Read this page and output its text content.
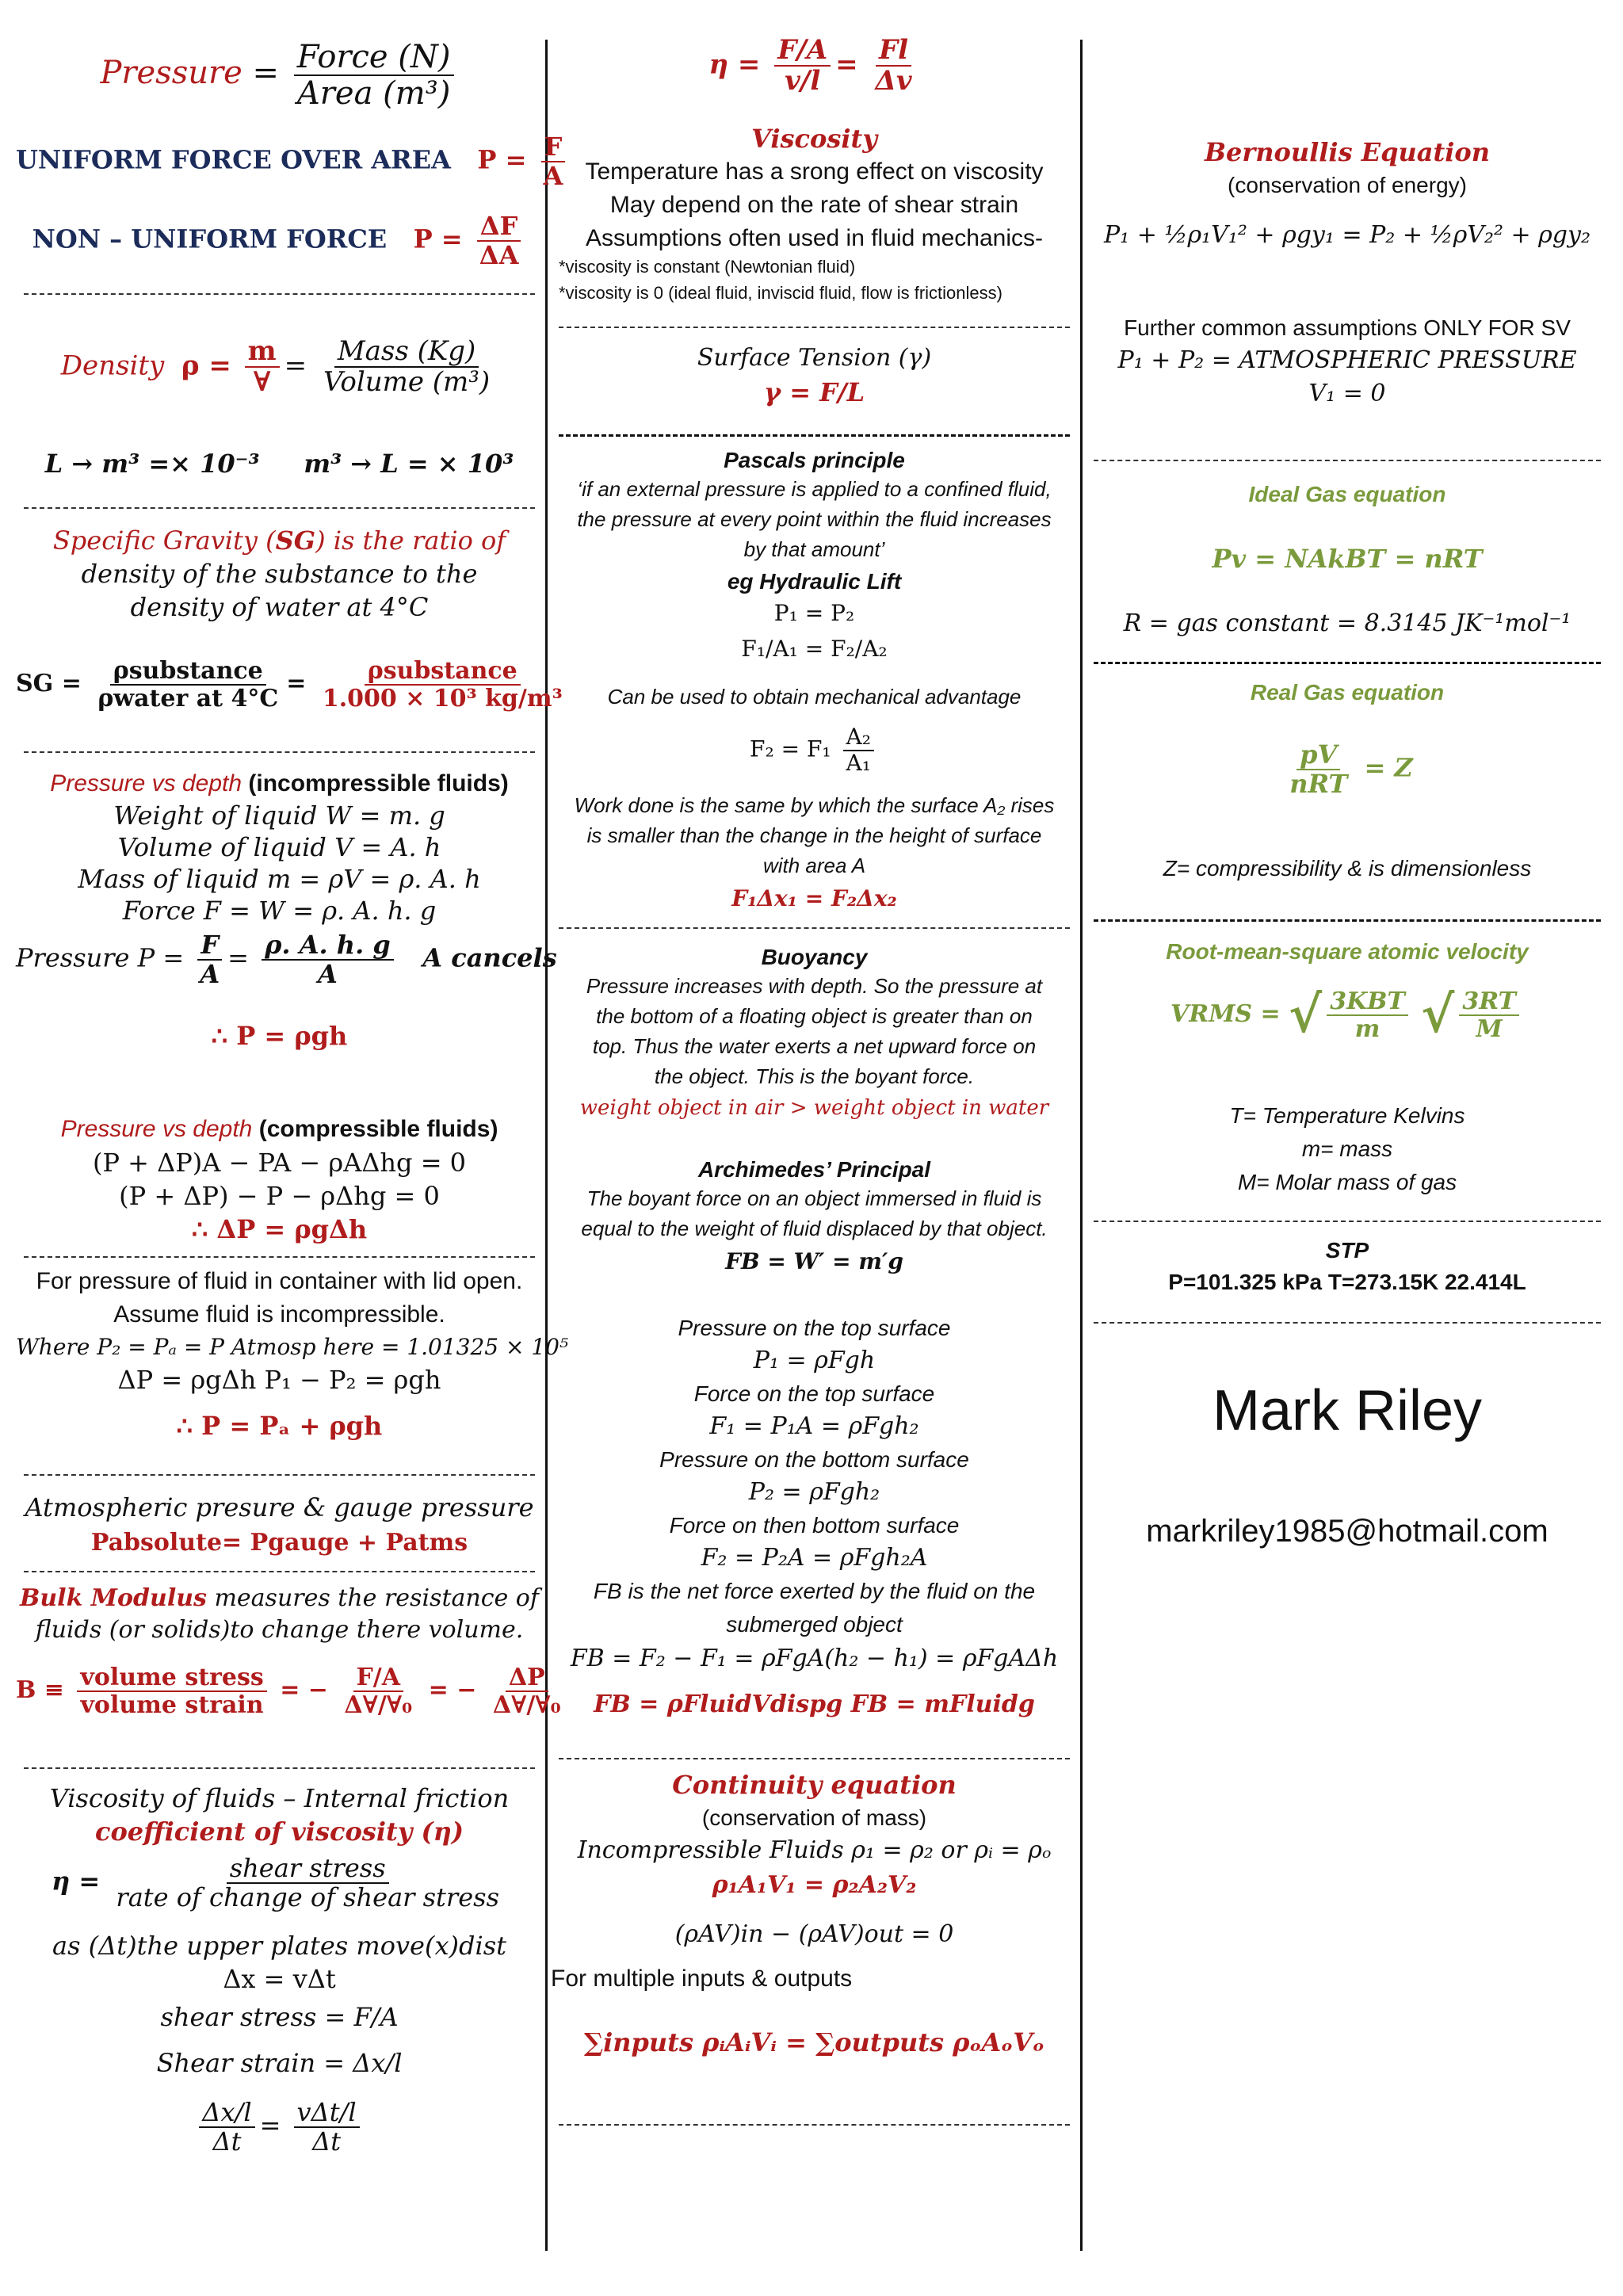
Pressure = $\frac{\text{Force (N)}}{\text{Area (m³)}}$
UNIFORM FORCE OVER AREA $P = \frac{F}{A}$
NON – UNIFORM FORCE $P = \frac{\Delta F}{\Delta A}$
Density $\rho = \frac{m}{\forall} = \frac{\text{Mass (Kg)}}{\text{Volume (m³)}}$
L → m³ =× 10⁻³ m³ → L = × 10³
Specific Gravity (SG) is the ratio of
density of the substance to the
density of water at 4°C
SG = $\frac{\text{ρsubstance}}{\text{ρwater at 4°C}} = \frac{\text{ρsubstance}}{\text{1.000 × 10³ kg/m³}}$
Pressure vs depth (incompressible fluids)
Weight of liquid W = m. g
Volume of liquid V = A. h
Mass of liquid m = ρV = ρ. A. h
Force F = W = ρ. A. h. g
Pressure $P = \frac{F}{A} = \frac{\rho. A. h. g}{A}$ A cancels
∴ P = ρgh
Pressure vs depth (compressible fluids)
(P + ΔP)A − PA − ρAΔhg = 0
(P + ΔP) − P − ρΔhg = 0
∴ ΔP = ρgΔh
For pressure of fluid in container with lid open.
Assume fluid is incompressible.
Where P₂ = Pₐ = P Atmosp here = 1.01325 × 10⁵
ΔP = ρgΔh P₁ − P₂ = ρgh
∴ P = Pₐ + ρgh
Atmospheric presure & gauge pressure
Pabsolute= Pgauge + Patms
Bulk Modulus measures the resistance of
fluids (or solids)to change there volume.
$B \equiv \frac{\text{volume stress}}{\text{volume strain}}$ = − $\frac{F/A}{\text{Δ∀/∀₀}}$ = − $\frac{\Delta P}{\text{Δ∀/∀₀}}$
Viscosity of fluids – Internal friction
coefficient of viscosity (η)
$\eta = \frac{\text{shear stress}}{\text{rate of change of shear stress}}$
as (Δt)the upper plates move(x)dist
Δx = vΔt
shear stress = F/A
Shear strain = Δx/l
$\frac{\Delta x/l}{\Delta t} = \frac{\text{vΔt/l}}{\Delta t}$
$\eta = \frac{F/A}{v/l} = \frac{Fl}{\Delta v}$
Viscosity
Temperature has a srong effect on viscosity
May depend on the rate of shear strain
Assumptions often used in fluid mechanics-
*viscosity is constant (Newtonian fluid)
*viscosity is 0 (ideal fluid, inviscid fluid, flow is frictionless)
Surface Tension (γ)
γ = F/L
Pascals principle
‘if an external pressure is applied to a confined fluid,
the pressure at every point within the fluid increases
by that amount’
eg Hydraulic Lift
P₁ = P₂
F₁/A₁ = F₂/A₂
Can be used to obtain mechanical advantage
$F_2 = F_1 \frac{\text{A₂}}{\text{A₁}}$
Work done is the same by which the surface A₂ rises
is smaller than the change in the height of surface
with area A
F₁Δx₁ = F₂Δx₂
Buoyancy
Pressure increases with depth. So the pressure at
the bottom of a floating object is greater than on
top. Thus the water exerts a net upward force on
the object. This is the boyant force.
weight object in air > weight object in water
Archimedes’ Principal
The boyant force on an object immersed in fluid is
equal to the weight of fluid displaced by that object.
FB = W′ = m′g
Pressure on the top surface
P₁ = ρFgh
Force on the top surface
F₁ = P₁A = ρFgh₂
Pressure on the bottom surface
P₂ = ρFgh₂
Force on then bottom surface
F₂ = P₂A = ρFgh₂A
FB is the net force exerted by the fluid on the
submerged object
FB = F₂ − F₁ = ρFgA(h₂ − h₁) = ρFgAΔh
FB = ρFluidVdispg FB = mFluidg
Continuity equation
(conservation of mass)
Incompressible Fluids ρ₁ = ρ₂ or ρᵢ = ρₒ
ρ₁A₁V₁ = ρ₂A₂V₂
(ρAV)in − (ρAV)out = 0
For multiple inputs & outputs
∑inputs ρᵢAᵢVᵢ = ∑outputs ρₒAₒVₒ
Bernoullis Equation
(conservation of energy)
P₁ + ½ρ₁V₁² + ρgy₁ = P₂ + ½ρV₂² + ρgy₂
Further common assumptions ONLY FOR SV
P₁ + P₂ = ATMOSPHERIC PRESSURE
V₁ = 0
Ideal Gas equation
Pv = NAkBT = nRT
R = gas constant = 8.3145 JK⁻¹mol⁻¹
Real Gas equation
$\frac{pV}{\text{nRT}} = Z$
Z= compressibility & is dimensionless
Root-mean-square atomic velocity
VRMS = √ $\frac{\text{3KBT}}{m}$ √ $\frac{3RT}{M}$
T= Temperature Kelvins
m= mass
M= Molar mass of gas
STP
P=101.325 kPa T=273.15K 22.414L
Mark Riley
markriley1985@hotmail.com
